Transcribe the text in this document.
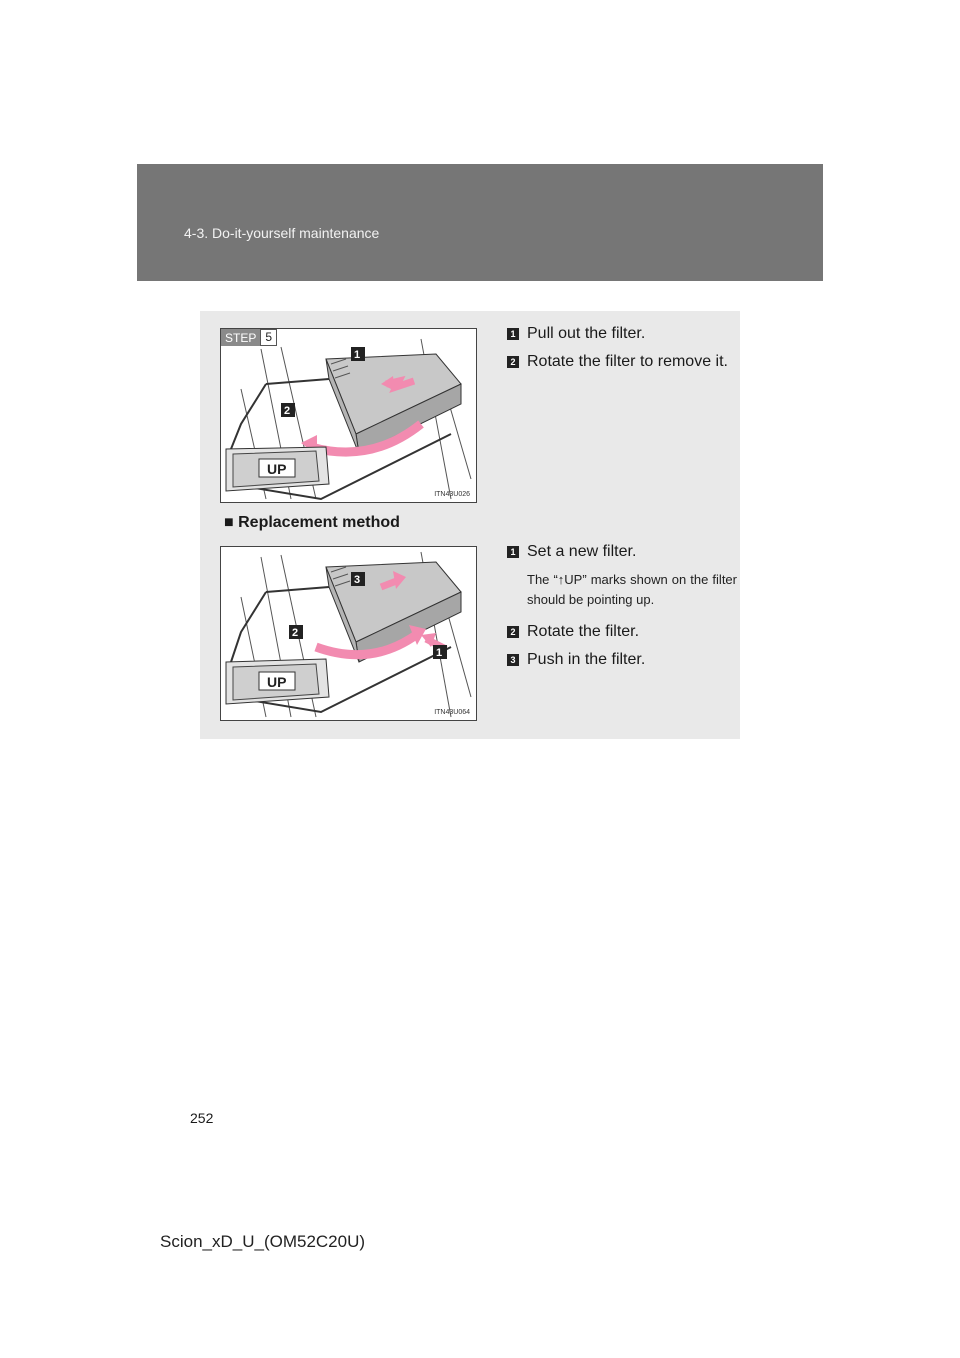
4-3. Do-it-yourself maintenance
STEP 5
UP
1
2
ITN43U026
1 Pull out the filter.
2 Rotate the filter to remove it.
■ Replacement method
UP
3
2
1
ITN43U064
1 Set a new filter.
The “↑UP” marks shown on the filter should be pointing up.
2 Rotate the filter.
3 Push in the filter.
252
Scion_xD_U_(OM52C20U)
